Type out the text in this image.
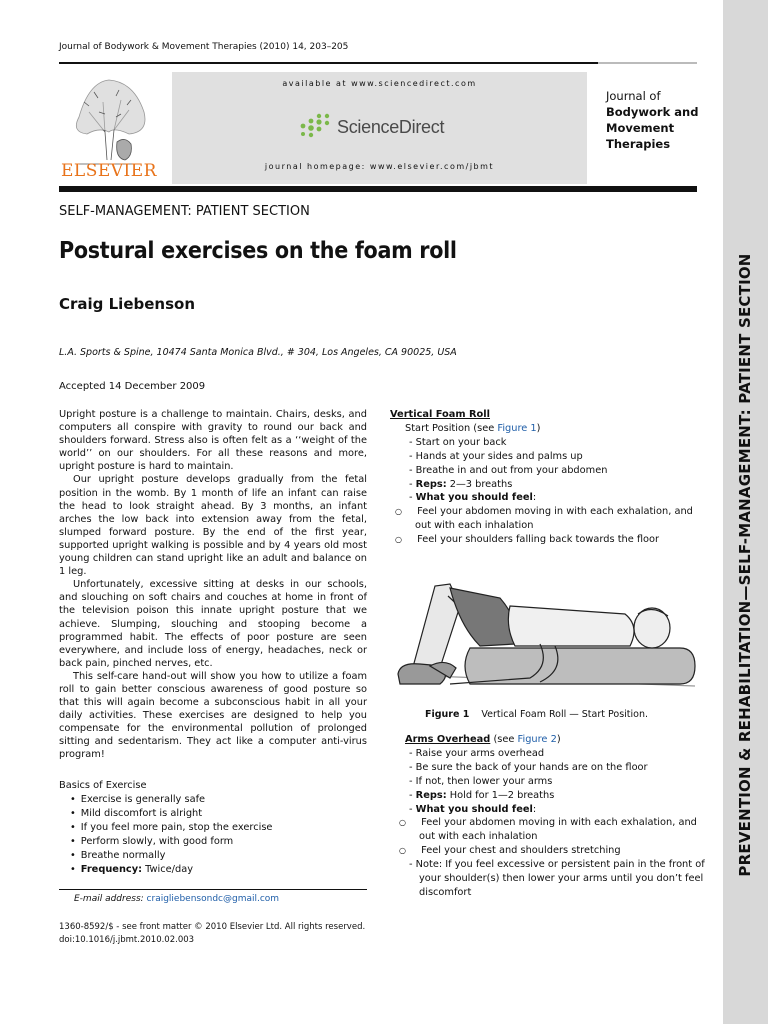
Journal of Bodywork & Movement Therapies (2010) 14, 203–205
ELSEVIER
available at www.sciencedirect.com
ScienceDirect
journal homepage: www.elsevier.com/jbmt
Journal of
Bodywork and
Movement
Therapies
SELF-MANAGEMENT: PATIENT SECTION
Postural exercises on the foam roll
Craig Liebenson
L.A. Sports & Spine, 10474 Santa Monica Blvd., # 304, Los Angeles, CA 90025, USA
Accepted 14 December 2009

Upright posture is a challenge to maintain. Chairs, desks, and computers all conspire with gravity to round our back and shoulders forward. Stress also is often felt as a ‘‘weight of the world’’ on our shoulders. For all these reasons and more, upright posture is hard to maintain.

Our upright posture develops gradually from the fetal position in the womb. By 1 month of life an infant can raise the head to look straight ahead. By 3 months, an infant arches the low back into extension away from the fetal, slumped forward posture. By the end of the first year, supported upright walking is possible and by 4 years old most young children can stand upright like an adult and balance on 1 leg.

Unfortunately, excessive sitting at desks in our schools, and slouching on soft chairs and couches at home in front of the television poison this innate upright posture that we achieve. Slumping, slouching and stooping become a programmed habit. The effects of poor posture are seen everywhere, and include loss of energy, headaches, neck or back pain, pinched nerves, etc.

This self-care hand-out will show you how to utilize a foam roll to gain better conscious awareness of good posture so that this will again become a subconscious habit in all your daily activities. These exercises are designed to help you compensate for the environmental pollution of prolonged sitting and sedentarism. They act like a computer anti-virus program!

Basics of Exercise
• Exercise is generally safe
• Mild discomfort is alright
• If you feel more pain, stop the exercise
• Perform slowly, with good form
• Breathe normally
• Frequency: Twice/day
E-mail address: craigliebensondc@gmail.com
1360-8592/$ - see front matter © 2010 Elsevier Ltd. All rights reserved.
doi:10.1016/j.jbmt.2010.02.003
Vertical Foam Roll
Start Position (see Figure 1)
- Start on your back
- Hands at your sides and palms up
- Breathe in and out from your abdomen
- Reps: 2—3 breaths
- What you should feel:
○ Feel your abdomen moving in with each exhalation, and out with each inhalation
○ Feel your shoulders falling back towards the floor
Figure 1 Vertical Foam Roll — Start Position.
Arms Overhead (see Figure 2)
- Raise your arms overhead
- Be sure the back of your hands are on the floor
- If not, then lower your arms
- Reps: Hold for 1—2 breaths
- What you should feel:
○ Feel your abdomen moving in with each exhalation, and out with each inhalation
○ Feel your chest and shoulders stretching
- Note: If you feel excessive or persistent pain in the front of your shoulder(s) then lower your arms until you don’t feel discomfort
PREVENTION & REHABILITATION—SELF-MANAGEMENT: PATIENT SECTION
